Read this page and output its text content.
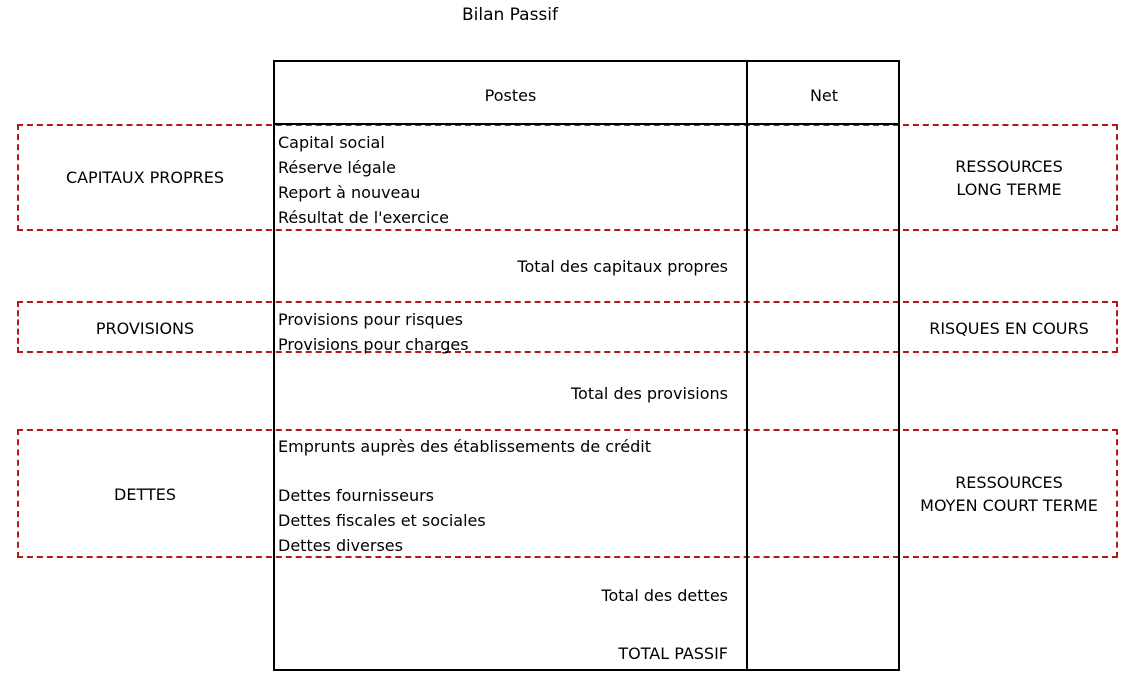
Bilan Passif
Postes	Net
Capital social
Réserve légale
Report à nouveau
Résultat de l'exercice
Total des capitaux propres
CAPITAUX PROPRES
RESSOURCES
LONG TERME
Provisions pour risques
Provisions pour charges
Total des provisions
PROVISIONS	RISQUES EN COURS
Emprunts auprès des établissements de crédit
Dettes fournisseurs
Dettes fiscales et sociales
Dettes diverses
Total des dettes
DETTES
RESSOURCES
MOYEN COURT TERME
TOTAL PASSIF
